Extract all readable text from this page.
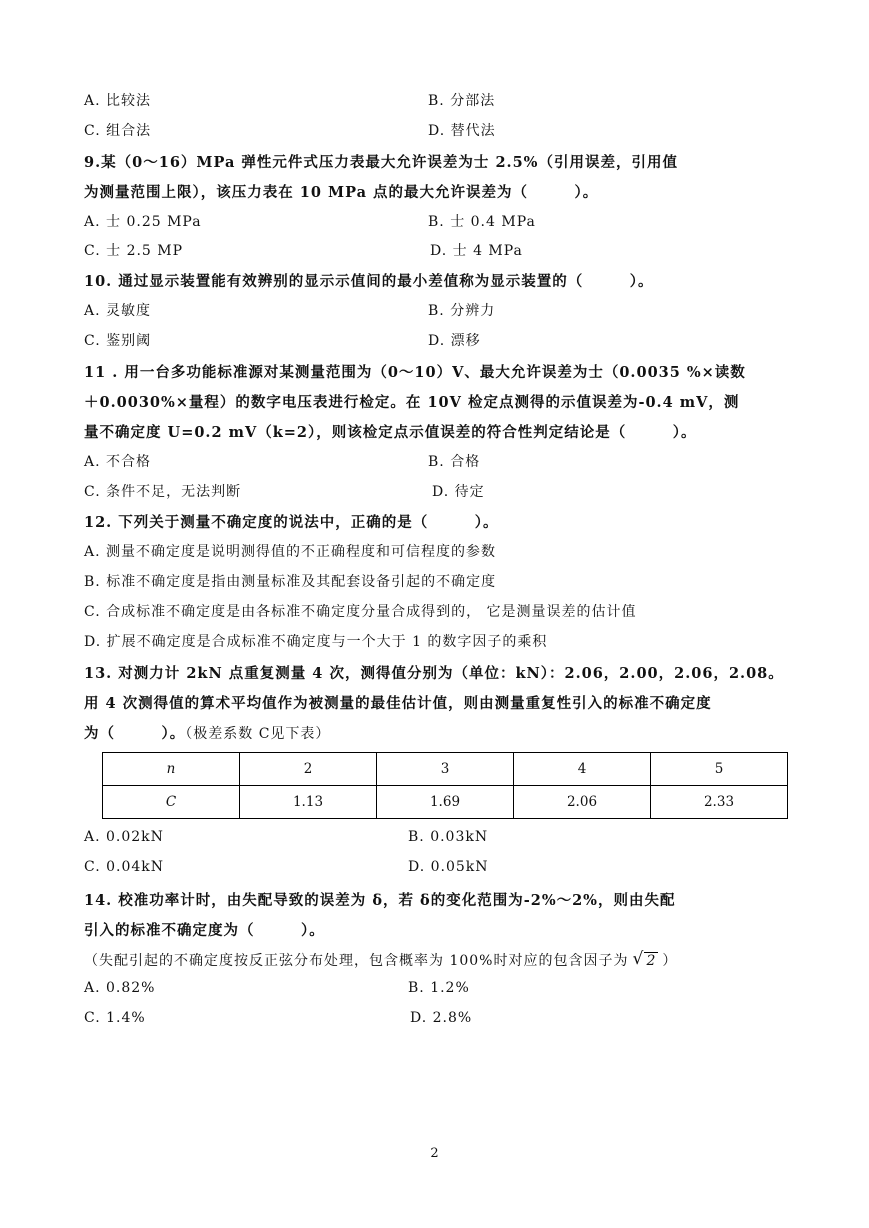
A. 比较法	B. 分部法
C. 组合法	D. 替代法
9.某（0～16）MPa 弹性元件式压力表最大允许误差为士 2.5%（引用误差，引用值
为测量范围上限），该压力表在 10 MPa 点的最大允许误差为（　　　）。
A. 士 0.25 MPa	B. 士 0.4 MPa
C. 士 2.5 MP	D. 士 4 MPa
10. 通过显示装置能有效辨别的显示示值间的最小差值称为显示装置的（　　　）。
A. 灵敏度	B. 分辨力
C. 鉴别阈	D. 漂移
11 . 用一台多功能标准源对某测量范围为（0～10）V、最大允许误差为士（0.0035 %×读数
＋0.0030%×量程）的数字电压表进行检定。在 10V 检定点测得的示值误差为-0.4 mV，测
量不确定度 U=0.2 mV（k=2），则该检定点示值误差的符合性判定结论是（　　　）。
A. 不合格	B. 合格
C. 条件不足，无法判断	D. 待定
12. 下列关于测量不确定度的说法中，正确的是（　　　）。
A. 测量不确定度是说明测得值的不正确程度和可信程度的参数
B. 标准不确定度是指由测量标准及其配套设备引起的不确定度
C. 合成标准不确定度是由各标准不确定度分量合成得到的， 它是测量误差的估计值
D. 扩展不确定度是合成标准不确定度与一个大于 1 的数字因子的乘积
13. 对测力计 2kN 点重复测量 4 次，测得值分别为（单位：kN）：2.06，2.00，2.06，2.08。
用 4 次测得值的算术平均值作为被测量的最佳估计值，则由测量重复性引入的标准不确定度
为（　　　）。（极差系数 C见下表）
n	2	3	4	5
C	1.13	1.69	2.06	2.33
A. 0.02kN	B. 0.03kN
C. 0.04kN	D. 0.05kN
14. 校准功率计时，由失配导致的误差为 δ，若 δ的变化范围为-2%～2%，则由失配
引入的标准不确定度为（　　　）。
（失配引起的不确定度按反正弦分布处理，包含概率为 100%时对应的包含因子为 √ 2 ）
A. 0.82%	B. 1.2%
C. 1.4%	D. 2.8%
2
